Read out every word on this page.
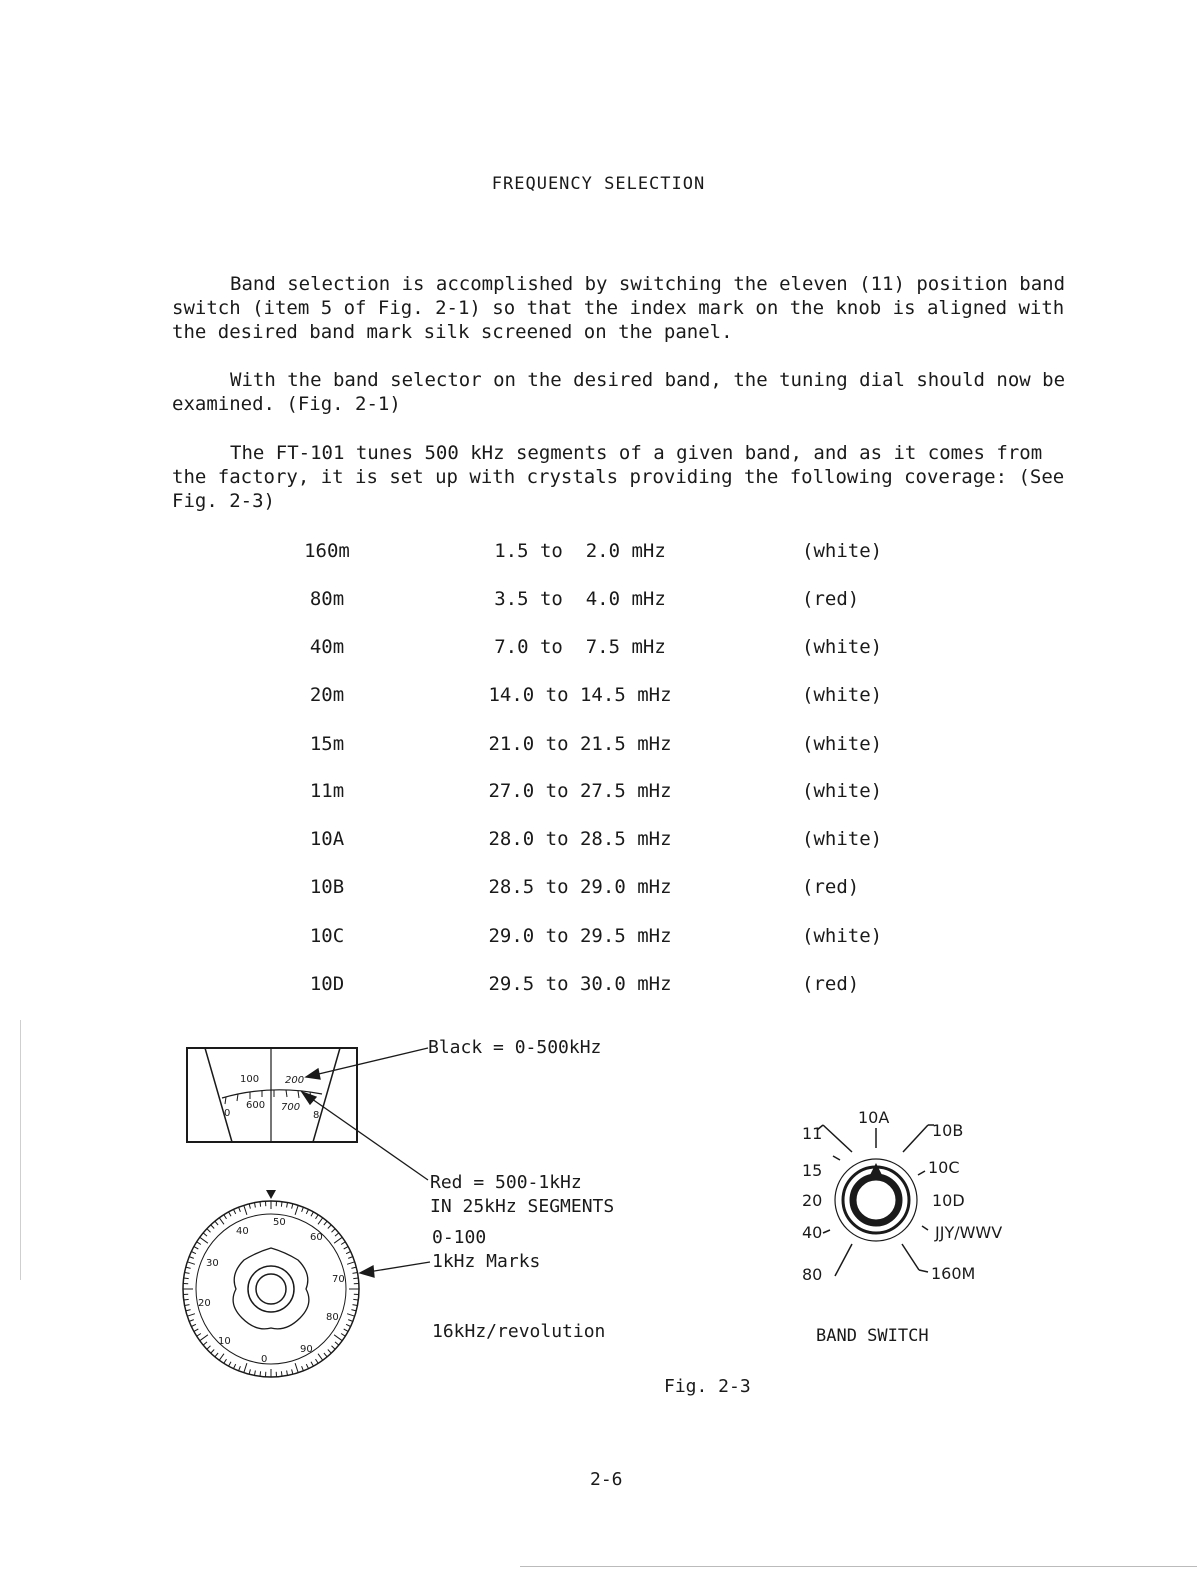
FREQUENCY SELECTION
Band selection is accomplished by switching the eleven (11) position band switch (item 5 of Fig. 2-1) so that the index mark on the knob is aligned with the desired band mark silk screened on the panel.
With the band selector on the desired band, the tuning dial should now be examined. (Fig. 2-1)
The FT-101 tunes 500 kHz segments of a given band, and as it comes from the factory, it is set up with crystals providing the following coverage: (See Fig. 2-3)
160m	1.5 to  2.0 mHz	(white)
80m	3.5 to  4.0 mHz	(red)
40m	7.0 to  7.5 mHz	(white)
20m	14.0 to 14.5 mHz	(white)
15m	21.0 to 21.5 mHz	(white)
11m	27.0 to 27.5 mHz	(white)
10A	28.0 to 28.5 mHz	(white)
10B	28.5 to 29.0 mHz	(red)
10C	29.0 to 29.5 mHz	(white)
10D	29.5 to 30.0 mHz	(red)
100	200
0
600 700
8
40
50
60
30
70
20
80
10
90
0
10A
11	10B
15	10C
20	10D
40	JJY/WWV
80	160M
Black = 0-500kHz
Red = 500-1kHz
IN 25kHz SEGMENTS
0-100
1kHz Marks
16kHz/revolution	BAND SWITCH
Fig. 2-3
2-6
